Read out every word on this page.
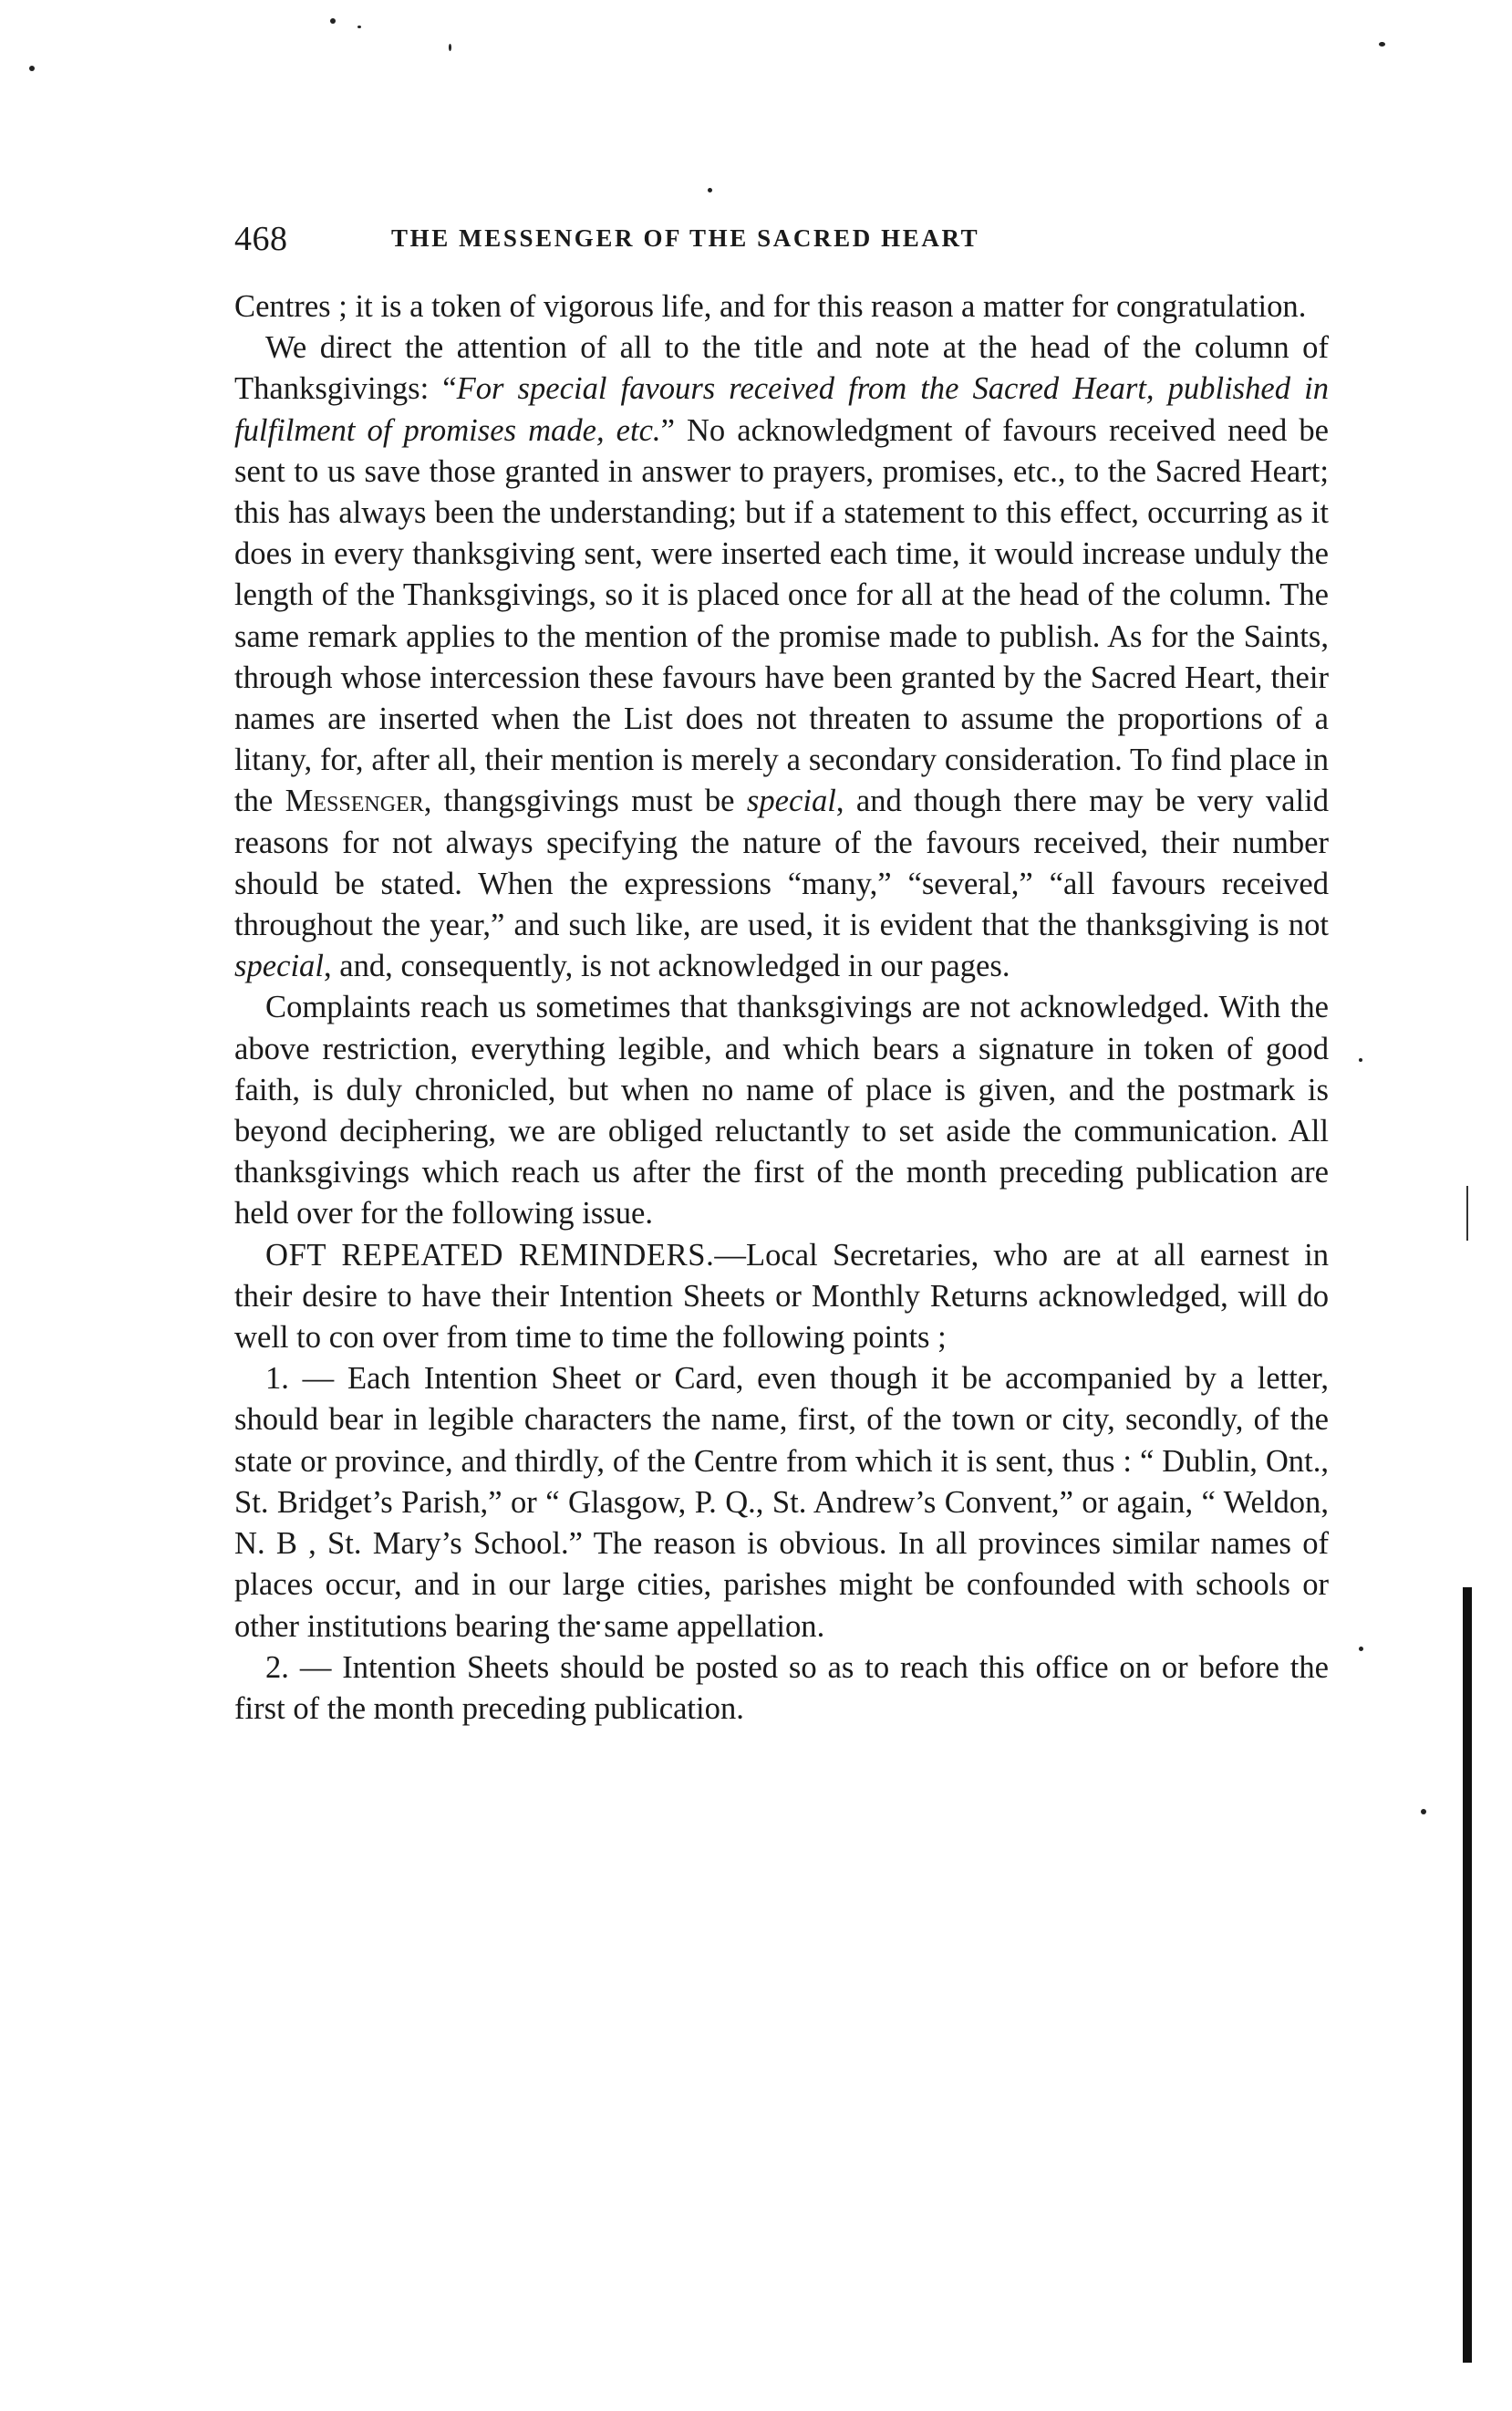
468	THE MESSENGER OF THE SACRED HEART

Centres ; it is a token of vigorous life, and for this reason a matter for congratulation.

We direct the attention of all to the title and note at the head of the column of Thanksgivings: “For special favours received from the Sacred Heart, published in fulfilment of promises made, etc.” No acknowledgment of favours received need be sent to us save those granted in answer to prayers, promises, etc., to the Sacred Heart; this has always been the understanding; but if a statement to this effect, occurring as it does in every thanksgiving sent, were inserted each time, it would increase unduly the length of the Thanksgivings, so it is placed once for all at the head of the column. The same remark applies to the mention of the promise made to publish. As for the Saints, through whose intercession these favours have been granted by the Sacred Heart, their names are inserted when the List does not threaten to assume the proportions of a litany, for, after all, their mention is merely a secondary consideration. To find place in the Messenger, thangsgivings must be special, and though there may be very valid reasons for not always specifying the nature of the favours received, their number should be stated. When the expressions “many,” “several,” “all favours received throughout the year,” and such like, are used, it is evident that the thanksgiving is not special, and, consequently, is not acknowledged in our pages.

Complaints reach us sometimes that thanksgivings are not acknowledged. With the above restriction, everything legible, and which bears a signature in token of good faith, is duly chronicled, but when no name of place is given, and the postmark is beyond deciphering, we are obliged reluctantly to set aside the communication. All thanksgivings which reach us after the first of the month preceding publication are held over for the following issue.

OFT REPEATED REMINDERS.—Local Secretaries, who are at all earnest in their desire to have their Intention Sheets or Monthly Returns acknowledged, will do well to con over from time to time the following points ;

1. — Each Intention Sheet or Card, even though it be accompanied by a letter, should bear in legible characters the name, first, of the town or city, secondly, of the state or province, and thirdly, of the Centre from which it is sent, thus : “ Dublin, Ont., St. Bridget’s Parish,” or “ Glasgow, P. Q., St. Andrew’s Convent,” or again, “ Weldon, N. B , St. Mary’s School.” The reason is obvious. In all provinces similar names of places occur, and in our large cities, parishes might be confounded with schools or other institutions bearing the same appellation.

2. — Intention Sheets should be posted so as to reach this office on or before the first of the month preceding publication.
